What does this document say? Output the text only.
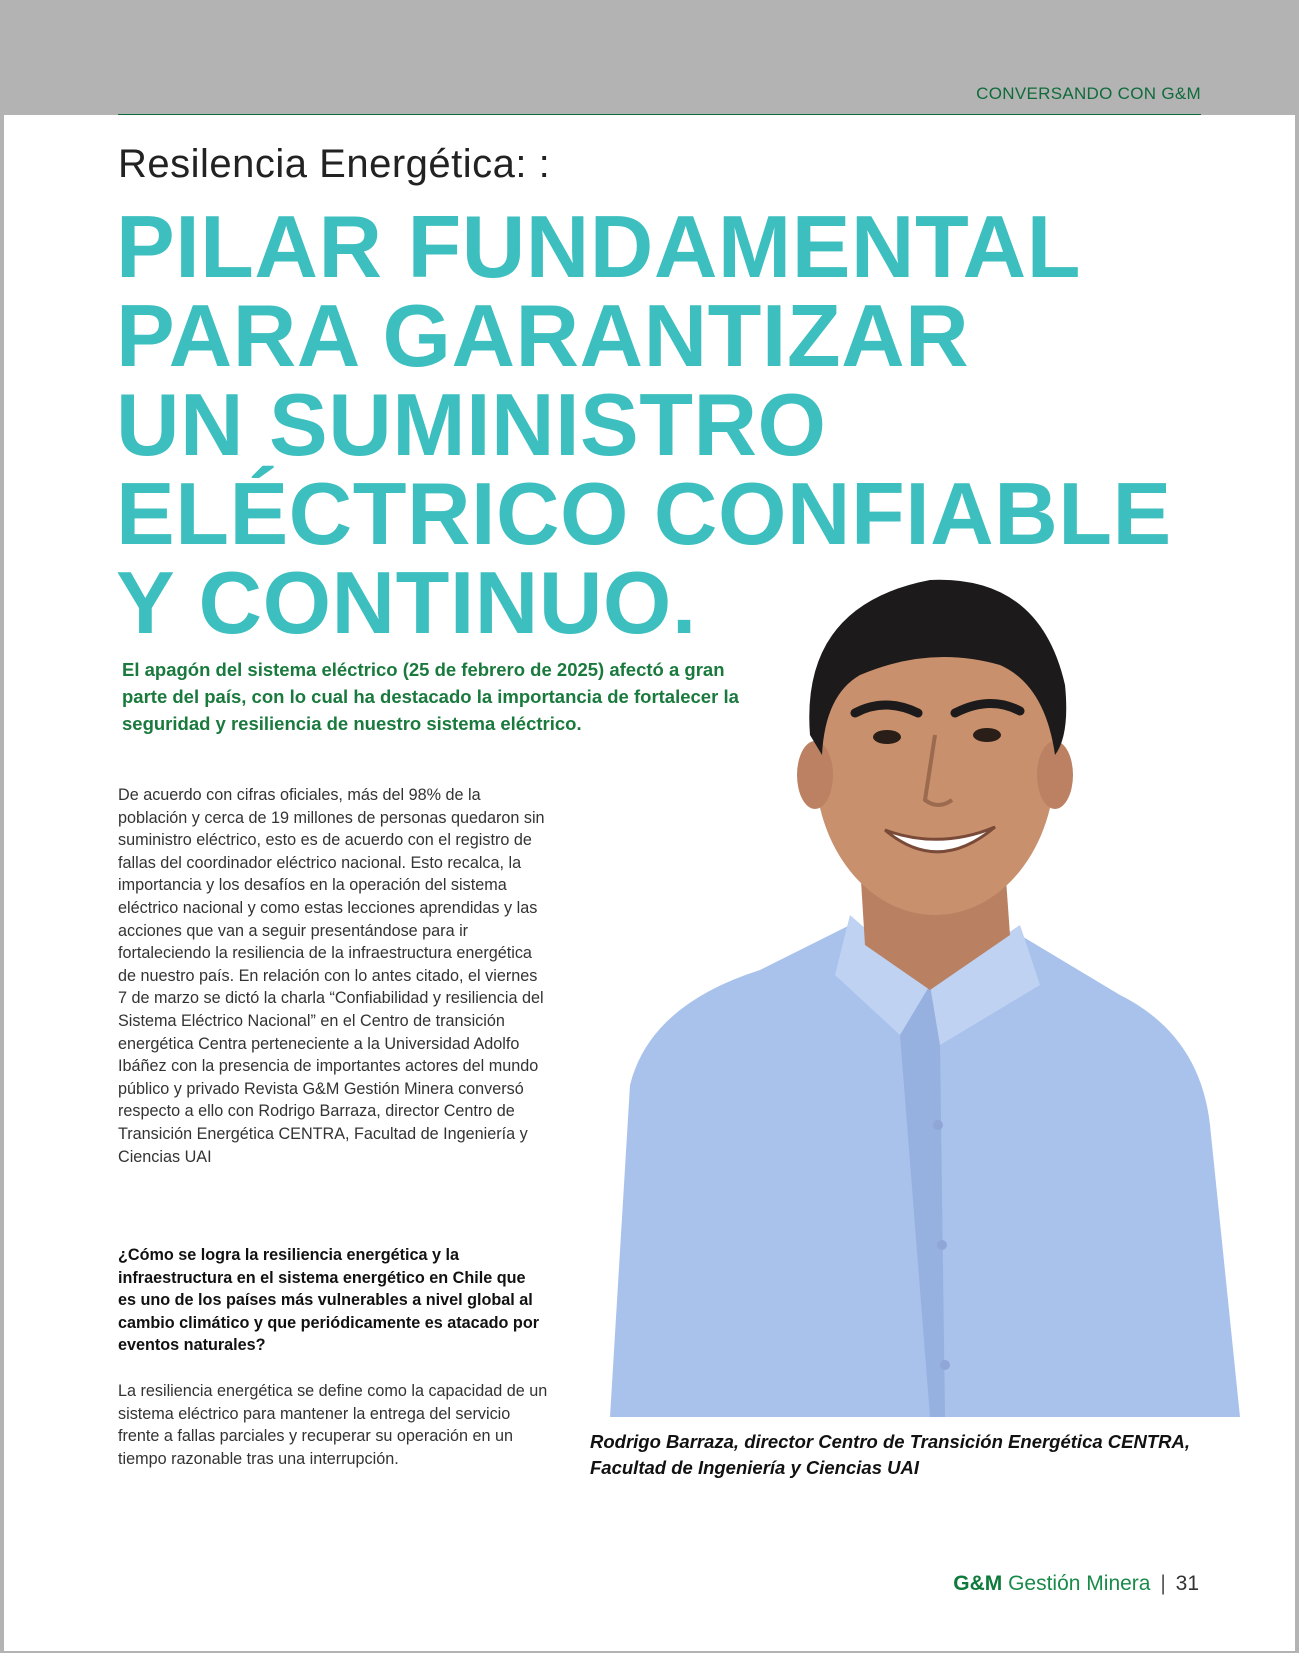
CONVERSANDO CON G&M
Resilencia Energética: :
PILAR FUNDAMENTAL
PARA GARANTIZAR
UN SUMINISTRO
ELÉCTRICO CONFIABLE
Y CONTINUO.
El apagón del sistema eléctrico (25 de febrero de 2025) afectó a gran parte del país, con lo cual ha destacado la importancia de fortalecer la seguridad y resiliencia de nuestro sistema eléctrico.
De acuerdo con cifras oficiales, más del 98% de la población y cerca de 19 millones de personas quedaron sin suministro eléctrico, esto es de acuerdo con el registro de fallas del coordinador eléctrico nacional. Esto recalca, la importancia y los desafíos en la operación del sistema eléctrico nacional y como estas lecciones aprendidas y las acciones que van a seguir presentándose para ir fortaleciendo la resiliencia de la infraestructura energética de nuestro país. En relación con lo antes citado, el viernes 7 de marzo se dictó la charla “Confiabilidad y resiliencia del Sistema Eléctrico Nacional” en el Centro de transición energética Centra perteneciente a la Universidad Adolfo Ibáñez con la presencia de importantes actores del mundo público y privado Revista G&M Gestión Minera conversó respecto a ello con Rodrigo Barraza, director Centro de Transición Energética CENTRA, Facultad de Ingeniería y Ciencias UAI
¿Cómo se logra la resiliencia energética y la infraestructura en el sistema energético en Chile que es uno de los países más vulnerables a nivel global al cambio climático y que periódicamente es atacado por eventos naturales?
La resiliencia energética se define como la capacidad de un sistema eléctrico para mantener la entrega del servicio frente a fallas parciales y recuperar su operación en un tiempo razonable tras una interrupción.
Rodrigo Barraza, director Centro de Transición Energética CENTRA, Facultad de Ingeniería y Ciencias UAI
G&M Gestión Minera | 31
